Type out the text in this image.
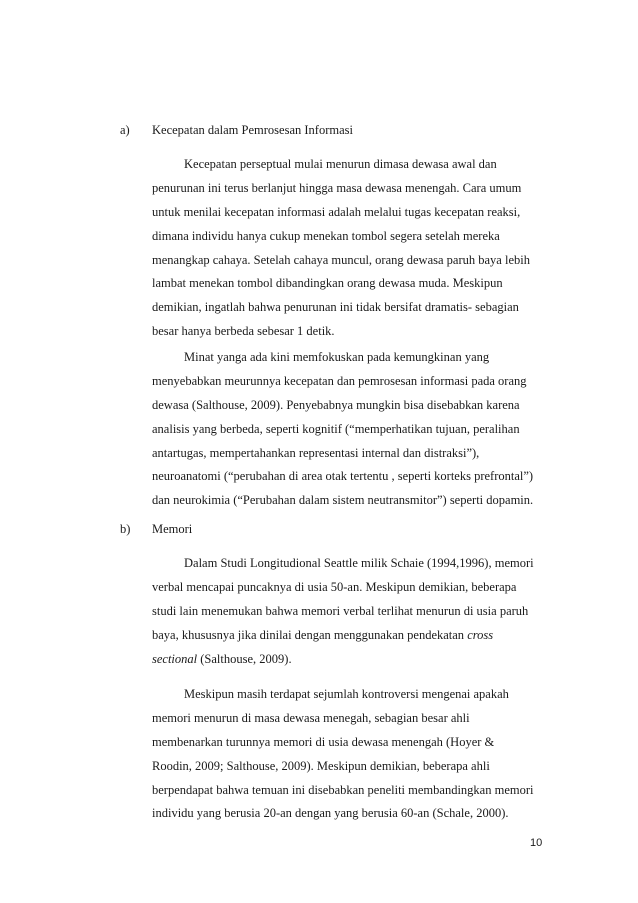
a) Kecepatan dalam Pemrosesan Informasi
Kecepatan perseptual mulai menurun dimasa dewasa awal dan
penurunan ini terus berlanjut hingga masa dewasa menengah. Cara umum
untuk menilai kecepatan informasi adalah melalui tugas kecepatan reaksi,
dimana individu hanya cukup menekan tombol segera setelah mereka
menangkap cahaya. Setelah cahaya muncul, orang dewasa paruh baya lebih
lambat menekan tombol dibandingkan orang dewasa muda. Meskipun
demikian, ingatlah bahwa penurunan ini tidak bersifat dramatis- sebagian
besar hanya berbeda sebesar 1 detik.
Minat yanga ada kini memfokuskan pada kemungkinan yang
menyebabkan meurunnya kecepatan dan pemrosesan informasi pada orang
dewasa (Salthouse, 2009). Penyebabnya mungkin bisa disebabkan karena
analisis yang berbeda, seperti kognitif (“memperhatikan tujuan, peralihan
antartugas, mempertahankan representasi internal dan distraksi”),
neuroanatomi (“perubahan di area otak tertentu , seperti korteks prefrontal”)
dan neurokimia (“Perubahan dalam sistem neutransmitor”) seperti dopamin.
b) Memori
Dalam Studi Longitudional Seattle milik Schaie (1994,1996), memori
verbal mencapai puncaknya di usia 50-an. Meskipun demikian, beberapa
studi lain menemukan bahwa memori verbal terlihat menurun di usia paruh
baya, khususnya jika dinilai dengan menggunakan pendekatan cross
sectional (Salthouse, 2009).
Meskipun masih terdapat sejumlah kontroversi mengenai apakah
memori menurun di masa dewasa menegah, sebagian besar ahli
membenarkan turunnya memori di usia dewasa menengah (Hoyer &
Roodin, 2009; Salthouse, 2009). Meskipun demikian, beberapa ahli
berpendapat bahwa temuan ini disebabkan peneliti membandingkan memori
individu yang berusia 20-an dengan yang berusia 60-an (Schale, 2000).
10
